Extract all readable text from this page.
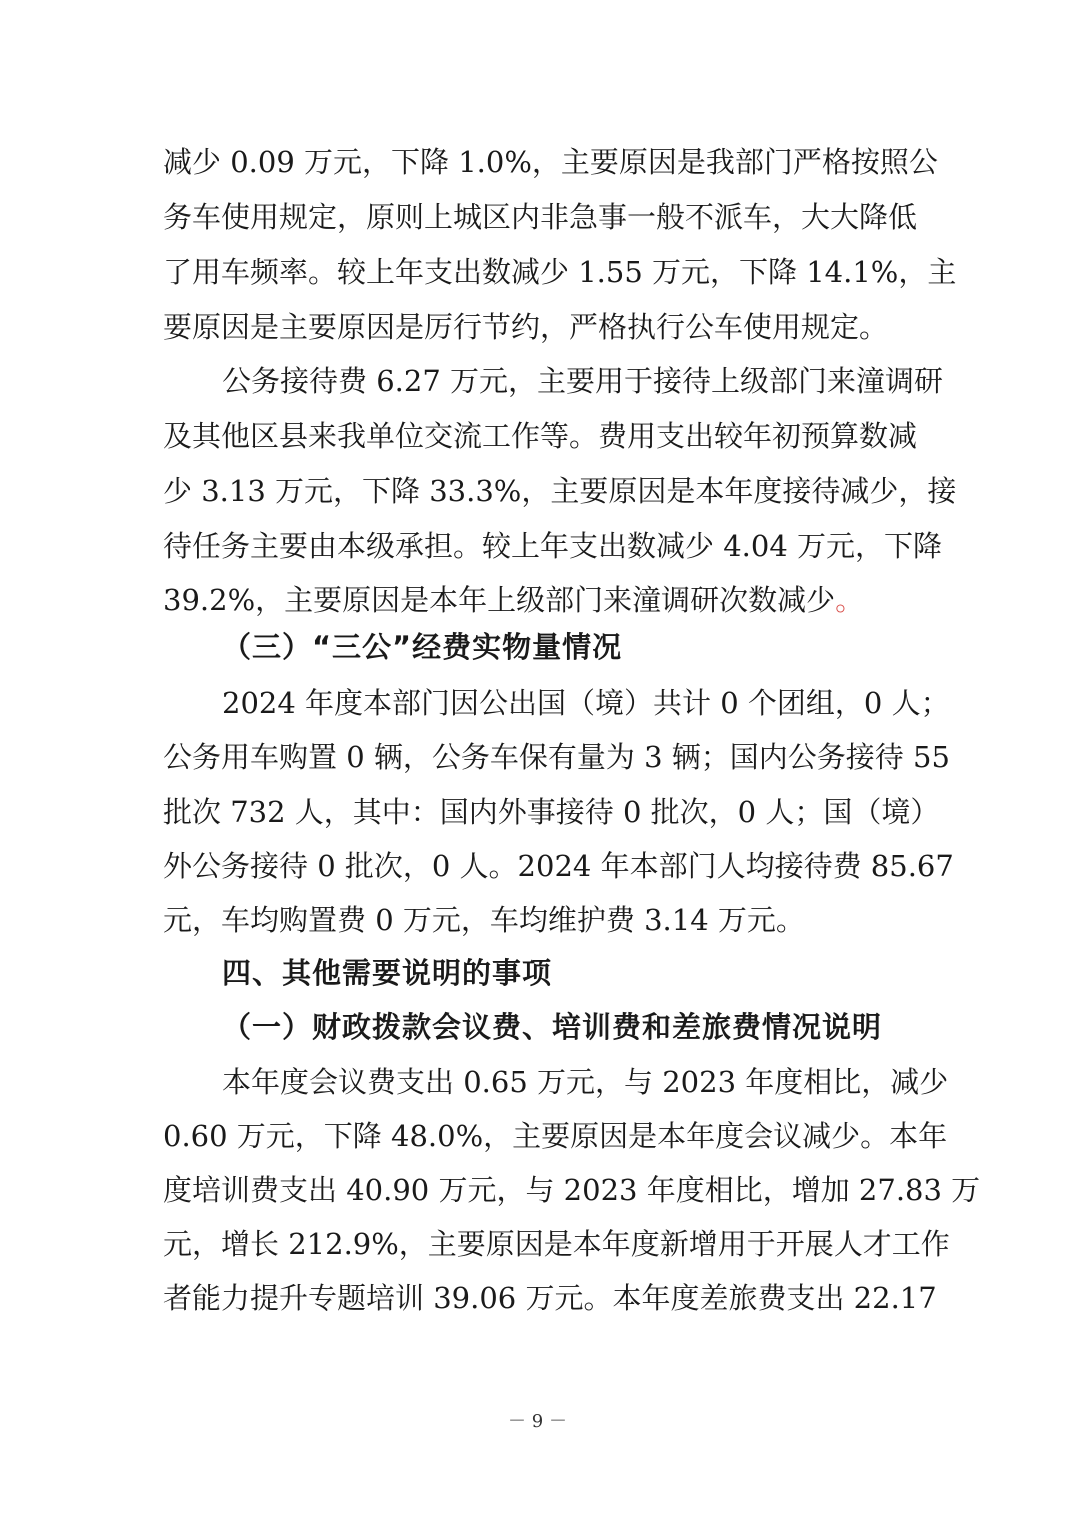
减少 0.09 万元，下降 1.0%，主要原因是我部门严格按照公
务车使用规定，原则上城区内非急事一般不派车，大大降低
了用车频率。较上年支出数减少 1.55 万元，下降 14.1%，主
要原因是主要原因是厉行节约，严格执行公车使用规定。
公务接待费 6.27 万元，主要用于接待上级部门来潼调研
及其他区县来我单位交流工作等。费用支出较年初预算数减
少 3.13 万元，下降 33.3%，主要原因是本年度接待减少，接
待任务主要由本级承担。较上年支出数减少 4.04 万元，下降
39.2%，主要原因是本年上级部门来潼调研次数减少。
（三）“三公”经费实物量情况
2024 年度本部门因公出国（境）共计 0 个团组，0 人；
公务用车购置 0 辆，公务车保有量为 3 辆；国内公务接待 55
批次 732 人，其中：国内外事接待 0 批次，0 人；国（境）
外公务接待 0 批次，0 人。2024 年本部门人均接待费 85.67
元，车均购置费 0 万元，车均维护费 3.14 万元。
四、其他需要说明的事项
（一）财政拨款会议费、培训费和差旅费情况说明
本年度会议费支出 0.65 万元，与 2023 年度相比，减少
0.60 万元，下降 48.0%，主要原因是本年度会议减少。本年
度培训费支出 40.90 万元，与 2023 年度相比，增加 27.83 万
元，增长 212.9%，主要原因是本年度新增用于开展人才工作
者能力提升专题培训 39.06 万元。本年度差旅费支出 22.17
－ 9 －
